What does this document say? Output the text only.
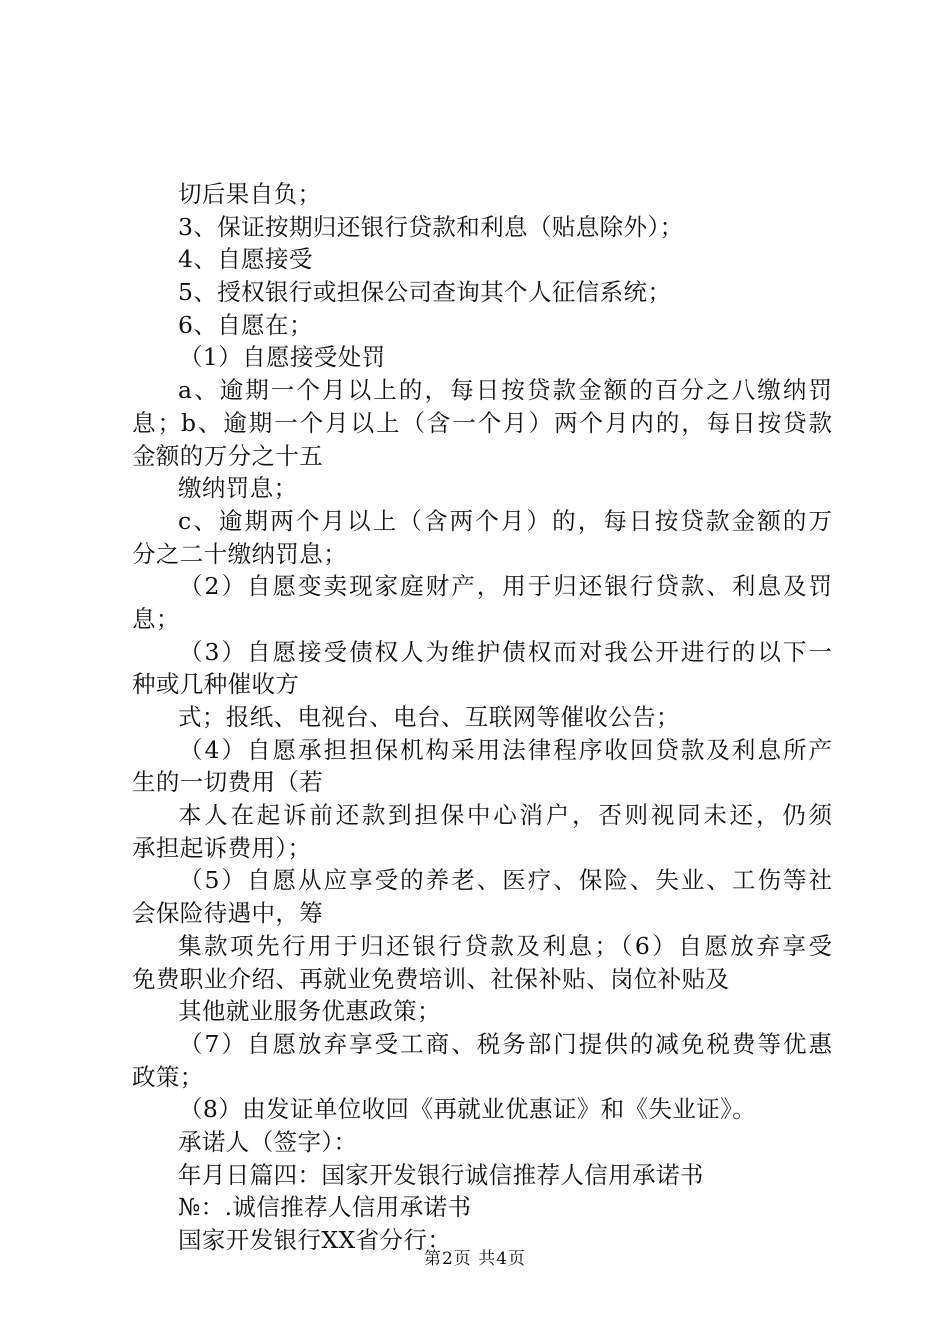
切后果自负；
3、保证按期归还银行贷款和利息（贴息除外）；
4、自愿接受
5、授权银行或担保公司查询其个人征信系统；
6、自愿在；
（1）自愿接受处罚
a、逾期一个月以上的，每日按贷款金额的百分之八缴纳罚
息；b、逾期一个月以上（含一个月）两个月内的，每日按贷款
金额的万分之十五
缴纳罚息；
c、逾期两个月以上（含两个月）的，每日按贷款金额的万
分之二十缴纳罚息；
（2）自愿变卖现家庭财产，用于归还银行贷款、利息及罚
息；
（3）自愿接受债权人为维护债权而对我公开进行的以下一
种或几种催收方
式；报纸、电视台、电台、互联网等催收公告；
（4）自愿承担担保机构采用法律程序收回贷款及利息所产
生的一切费用（若
本人在起诉前还款到担保中心消户，否则视同未还，仍须
承担起诉费用）；
（5）自愿从应享受的养老、医疗、保险、失业、工伤等社
会保险待遇中，筹
集款项先行用于归还银行贷款及利息；（6）自愿放弃享受
免费职业介绍、再就业免费培训、社保补贴、岗位补贴及
其他就业服务优惠政策；
（7）自愿放弃享受工商、税务部门提供的减免税费等优惠
政策；
（8）由发证单位收回《再就业优惠证》和《失业证》。
承诺人（签字）：
年月日篇四：国家开发银行诚信推荐人信用承诺书
№：.诚信推荐人信用承诺书
国家开发银行XX省分行：
第2页 共4页
